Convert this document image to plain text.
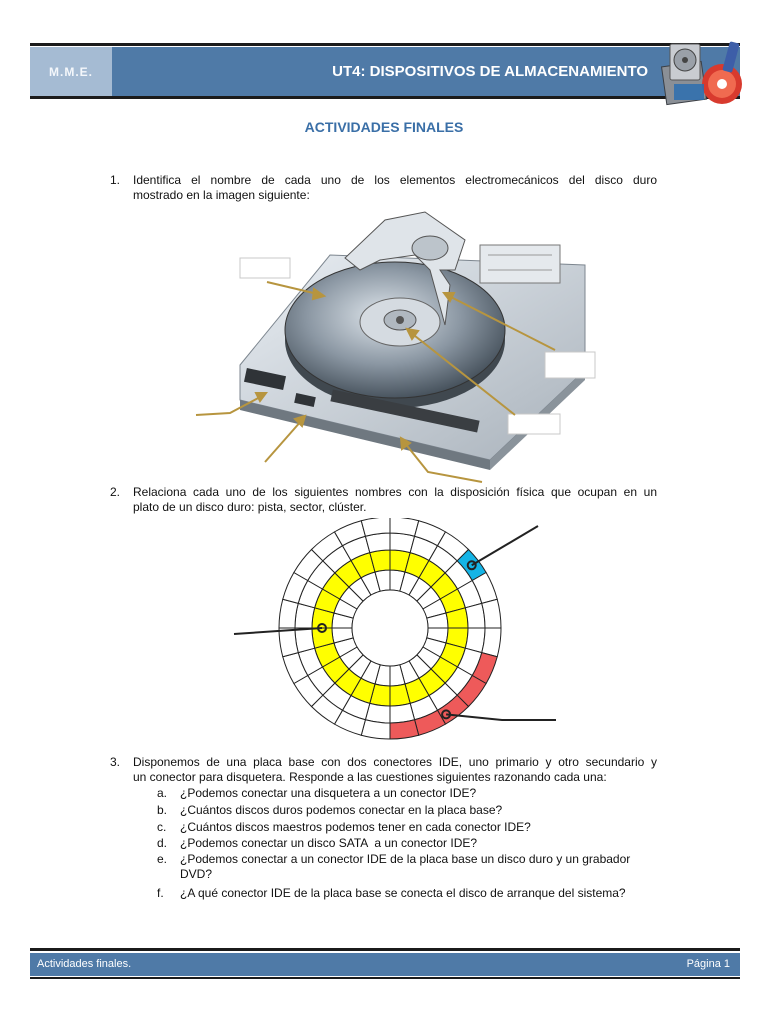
M.M.E.	UT4: DISPOSITIVOS DE ALMACENAMIENTO
ACTIVIDADES FINALES
1. Identifica el nombre de cada uno de los elementos electromecánicos del disco duro
mostrado en la imagen siguiente:
2. Relaciona cada uno de los siguientes nombres con la disposición física que ocupan en un
plato de un disco duro: pista, sector, clúster.
3. Disponemos de una placa base con dos conectores IDE, uno primario y otro secundario y
un conector para disquetera. Responde a las cuestiones siguientes razonando cada una:
a. ¿Podemos conectar una disquetera a un conector IDE?
b. ¿Cuántos discos duros podemos conectar en la placa base?
c. ¿Cuántos discos maestros podemos tener en cada conector IDE?
d. ¿Podemos conectar un disco SATA  a un conector IDE?
e. ¿Podemos conectar a un conector IDE de la placa base un disco duro y un grabador
DVD?
f. ¿A qué conector IDE de la placa base se conecta el disco de arranque del sistema?
Actividades finales.	Página 1
